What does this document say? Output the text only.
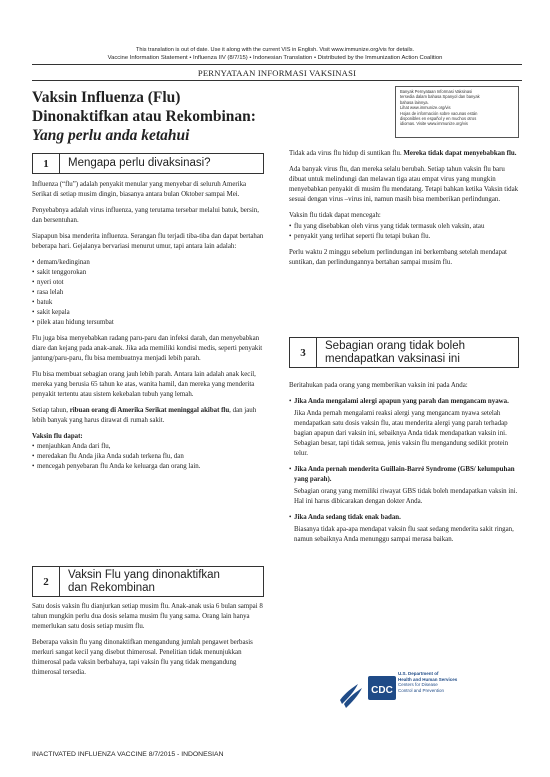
This translation is out of date. Use it along with the current VIS in English. Visit www.immunize.org/vis for details.
Vaccine Information Statement • Influenza IIV (8/7/15) • Indonesian Translation • Distributed by the Immunization Action Coalition
PERNYATAAN INFORMASI VAKSINASI
Vaksin Influenza (Flu)
Dinonaktifkan atau Rekombinan:
Yang perlu anda ketahui
Banyak Pernyataan Informasi Vaksinasi
tersedia dalam bahasa Spanyol dan banyak
bahasa lainnya.
Lihat www.immunize.org/vis
Hojas de información sobre vacunas están
disponibles en español y en muchos otros
idiomas. Visite www.immunize.org/vis
1	Mengapa perlu divaksinasi?

Influenza (“flu”) adalah penyakit menular yang menyebar di seluruh Amerika Serikat di setiap musim dingin, biasanya antara bulan Oktober sampai Mei.

Penyebabnya adalah virus influenza, yang terutama tersebar melalui batuk, bersin, dan bersentuhan.

Siapapun bisa menderita influenza. Serangan flu terjadi tiba-tiba dan dapat bertahan beberapa hari. Gejalanya bervariasi menurut umur, tapi antara lain adalah:

• demam/kedinginan
• sakit tenggorokan
• nyeri otot
• rasa lelah
• batuk
• sakit kepala
• pilek atau hidung tersumbat

Flu juga bisa menyebabkan radang paru-paru dan infeksi darah, dan menyebabkan diare dan kejang pada anak-anak. Jika ada memiliki kondisi medis, seperti penyakit jantung/paru-paru, flu bisa membuatnya menjadi lebih parah.

Flu bisa membuat sebagian orang jauh lebih parah. Antara lain adalah anak kecil, mereka yang berusia 65 tahun ke atas, wanita hamil, dan mereka yang menderita penyakit tertentu atau sistem kekebalan tubuh yang lemah.

Setiap tahun, ribuan orang di Amerika Serikat meninggal akibat flu, dan jauh lebih banyak yang harus dirawat di rumah sakit.

Vaksin flu dapat:

• menjauhkan Anda dari flu,
• meredakan flu Anda jika Anda sudah terkena flu, dan
• mencegah penyebaran flu Anda ke keluarga dan orang lain.
2
Vaksin Flu yang dinonaktifkan
dan Rekombinan

Satu dosis vaksin flu dianjurkan setiap musim flu. Anak-anak usia 6 bulan sampai 8 tahun mungkin perlu dua dosis selama musim flu yang sama. Orang lain hanya memerlukan satu dosis setiap musim flu.

Beberapa vaksin flu yang dinonaktifkan mengandung jumlah pengawet berbasis merkuri sangat kecil yang disebut thimerosal. Penelitian tidak menunjukkan thimerosal pada vaksin berbahaya, tapi vaksin flu yang tidak mengandung thimerosal tersedia.

Tidak ada virus flu hidup di suntikan flu. Mereka tidak dapat menyebabkan flu.

Ada banyak virus flu, dan mereka selalu berubah. Setiap tahun vaksin flu baru dibuat untuk melindungi dan melawan tiga atau empat virus yang mungkin menyebabkan penyakit di musim flu mendatang. Tetapi bahkan ketika Vaksin tidak sesuai dengan virus –virus ini, namun masih bisa memberikan perlindungan.

Vaksin flu tidak dapat mencegah:

• flu yang disebabkan oleh virus yang tidak termasuk oleh vaksin, atau
• penyakit yang terlihat seperti flu tetapi bukan flu.

Perlu waktu 2 minggu sebelum perlindungan ini berkembang setelah mendapat suntikan, dan perlindungannya bertahan sampai musim flu.

3
Sebagian orang tidak boleh
mendapatkan vaksinasi ini

Beritahukan pada orang yang memberikan vaksin ini pada Anda:

• Jika Anda mengalami alergi apapun yang parah dan mengancam nyawa.

Jika Anda pernah mengalami reaksi alergi yang mengancam nyawa setelah mendapatkan satu dosis vaksin flu, atau menderita alergi yang parah terhadap bagian apapun dari vaksin ini, sebaiknya Anda tidak mendapatkan vaksin ini. Sebagian besar, tapi tidak semua, jenis vaksin flu mengandung sedikit protein telur.

• Jika Anda pernah menderita Guillain-Barré Syndrome (GBS/ kelumpuhan yang parah).

Sebagian orang yang memiliki riwayat GBS tidak boleh mendapatkan vaksin ini. Hal ini harus dibicarakan dengan dokter Anda.

• Jika Anda sedang tidak enak badan.

Biasanya tidak apa-apa mendapat vaksin flu saat sedang menderita sakit ringan, namun sebaiknya Anda menunggu sampai merasa baikan.

CDC
U.S. Department of
Health and Human Services
Centers for Disease
Control and Prevention
INACTIVATED INFLUENZA VACCINE 8/7/2015 - INDONESIAN
